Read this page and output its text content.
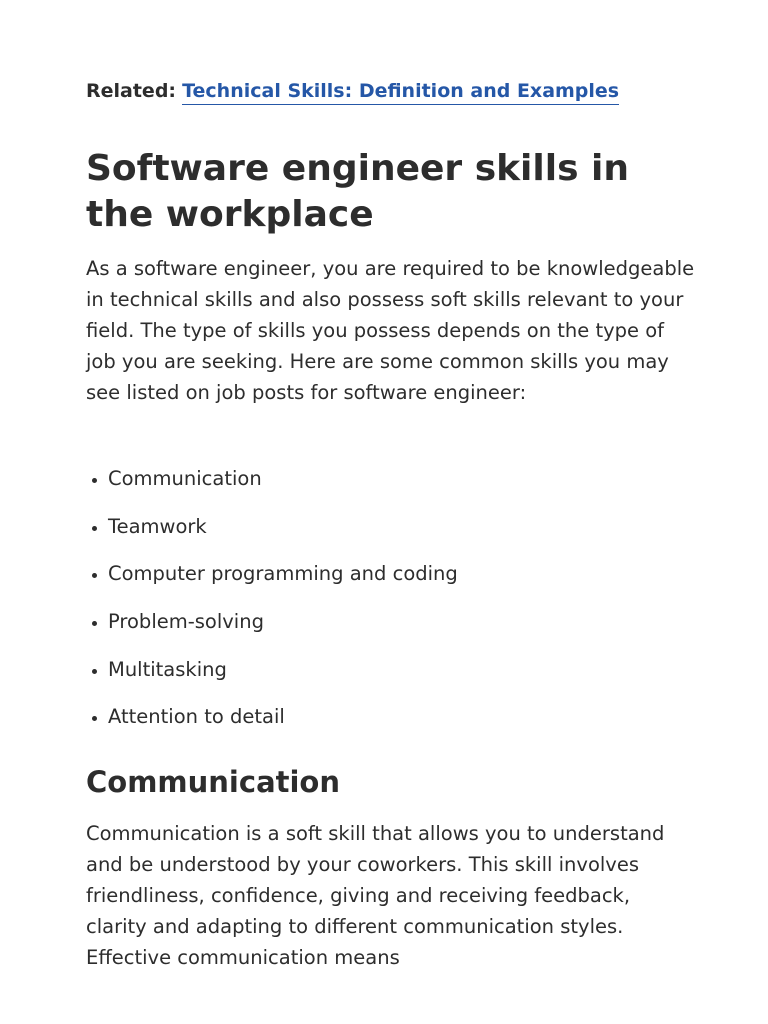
Related: Technical Skills: Definition and Examples
Software engineer skills in the workplace

As a software engineer, you are required to be knowledgeable in technical skills and also possess soft skills relevant to your field. The type of skills you possess depends on the type of job you are seeking. Here are some common skills you may see listed on job posts for software engineer:

• Communication
• Teamwork
• Computer programming and coding
• Problem-solving
• Multitasking
• Attention to detail
Communication

Communication is a soft skill that allows you to understand and be understood by your coworkers. This skill involves friendliness, confidence, giving and receiving feedback, clarity and adapting to different communication styles. Effective communication means
